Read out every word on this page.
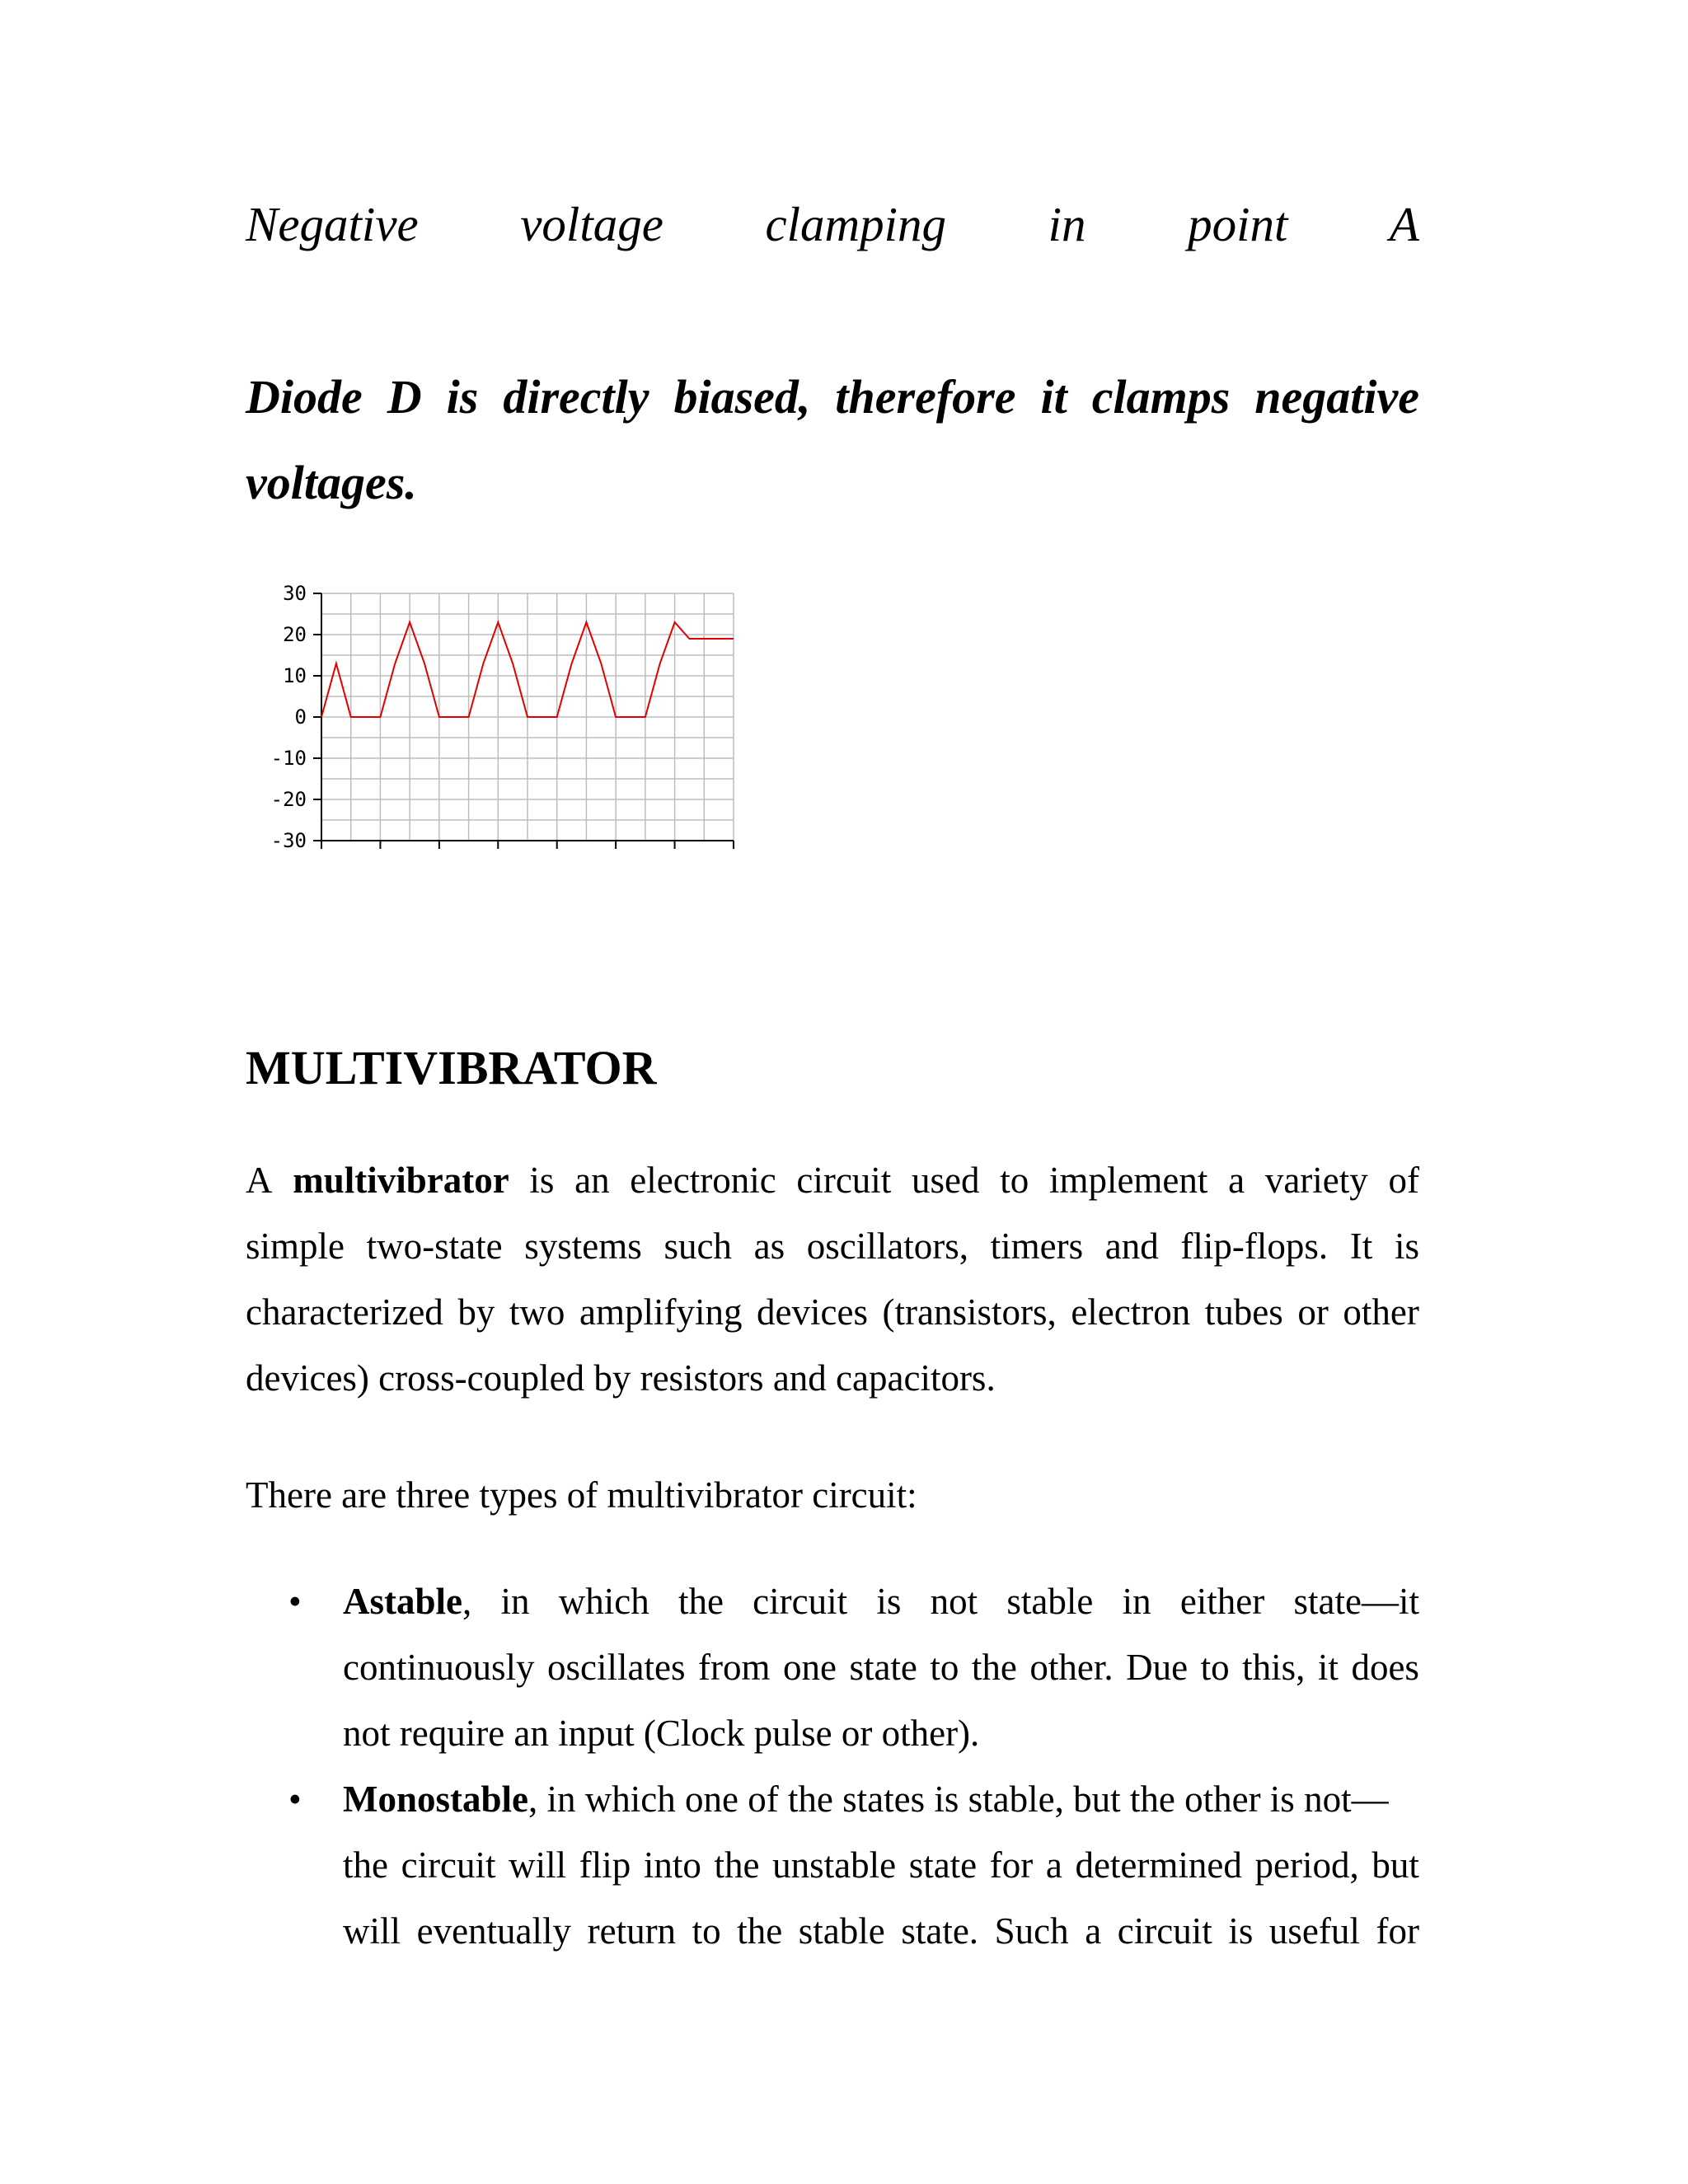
Negative voltage clamping in point A
Diode D is directly biased, therefore it clamps negative
voltages.
30
20
10
0
-10
-20
-30
MULTIVIBRATOR
A multivibrator is an electronic circuit used to implement a variety of
simple two-state systems such as oscillators, timers and flip-flops. It is
characterized by two amplifying devices (transistors, electron tubes or other
devices) cross-coupled by resistors and capacitors.
There are three types of multivibrator circuit:
•
•
Astable, in which the circuit is not stable in either state—it
continuously oscillates from one state to the other. Due to this, it does
not require an input (Clock pulse or other).
Monostable, in which one of the states is stable, but the other is not—
the circuit will flip into the unstable state for a determined period, but
will eventually return to the stable state. Such a circuit is useful for
